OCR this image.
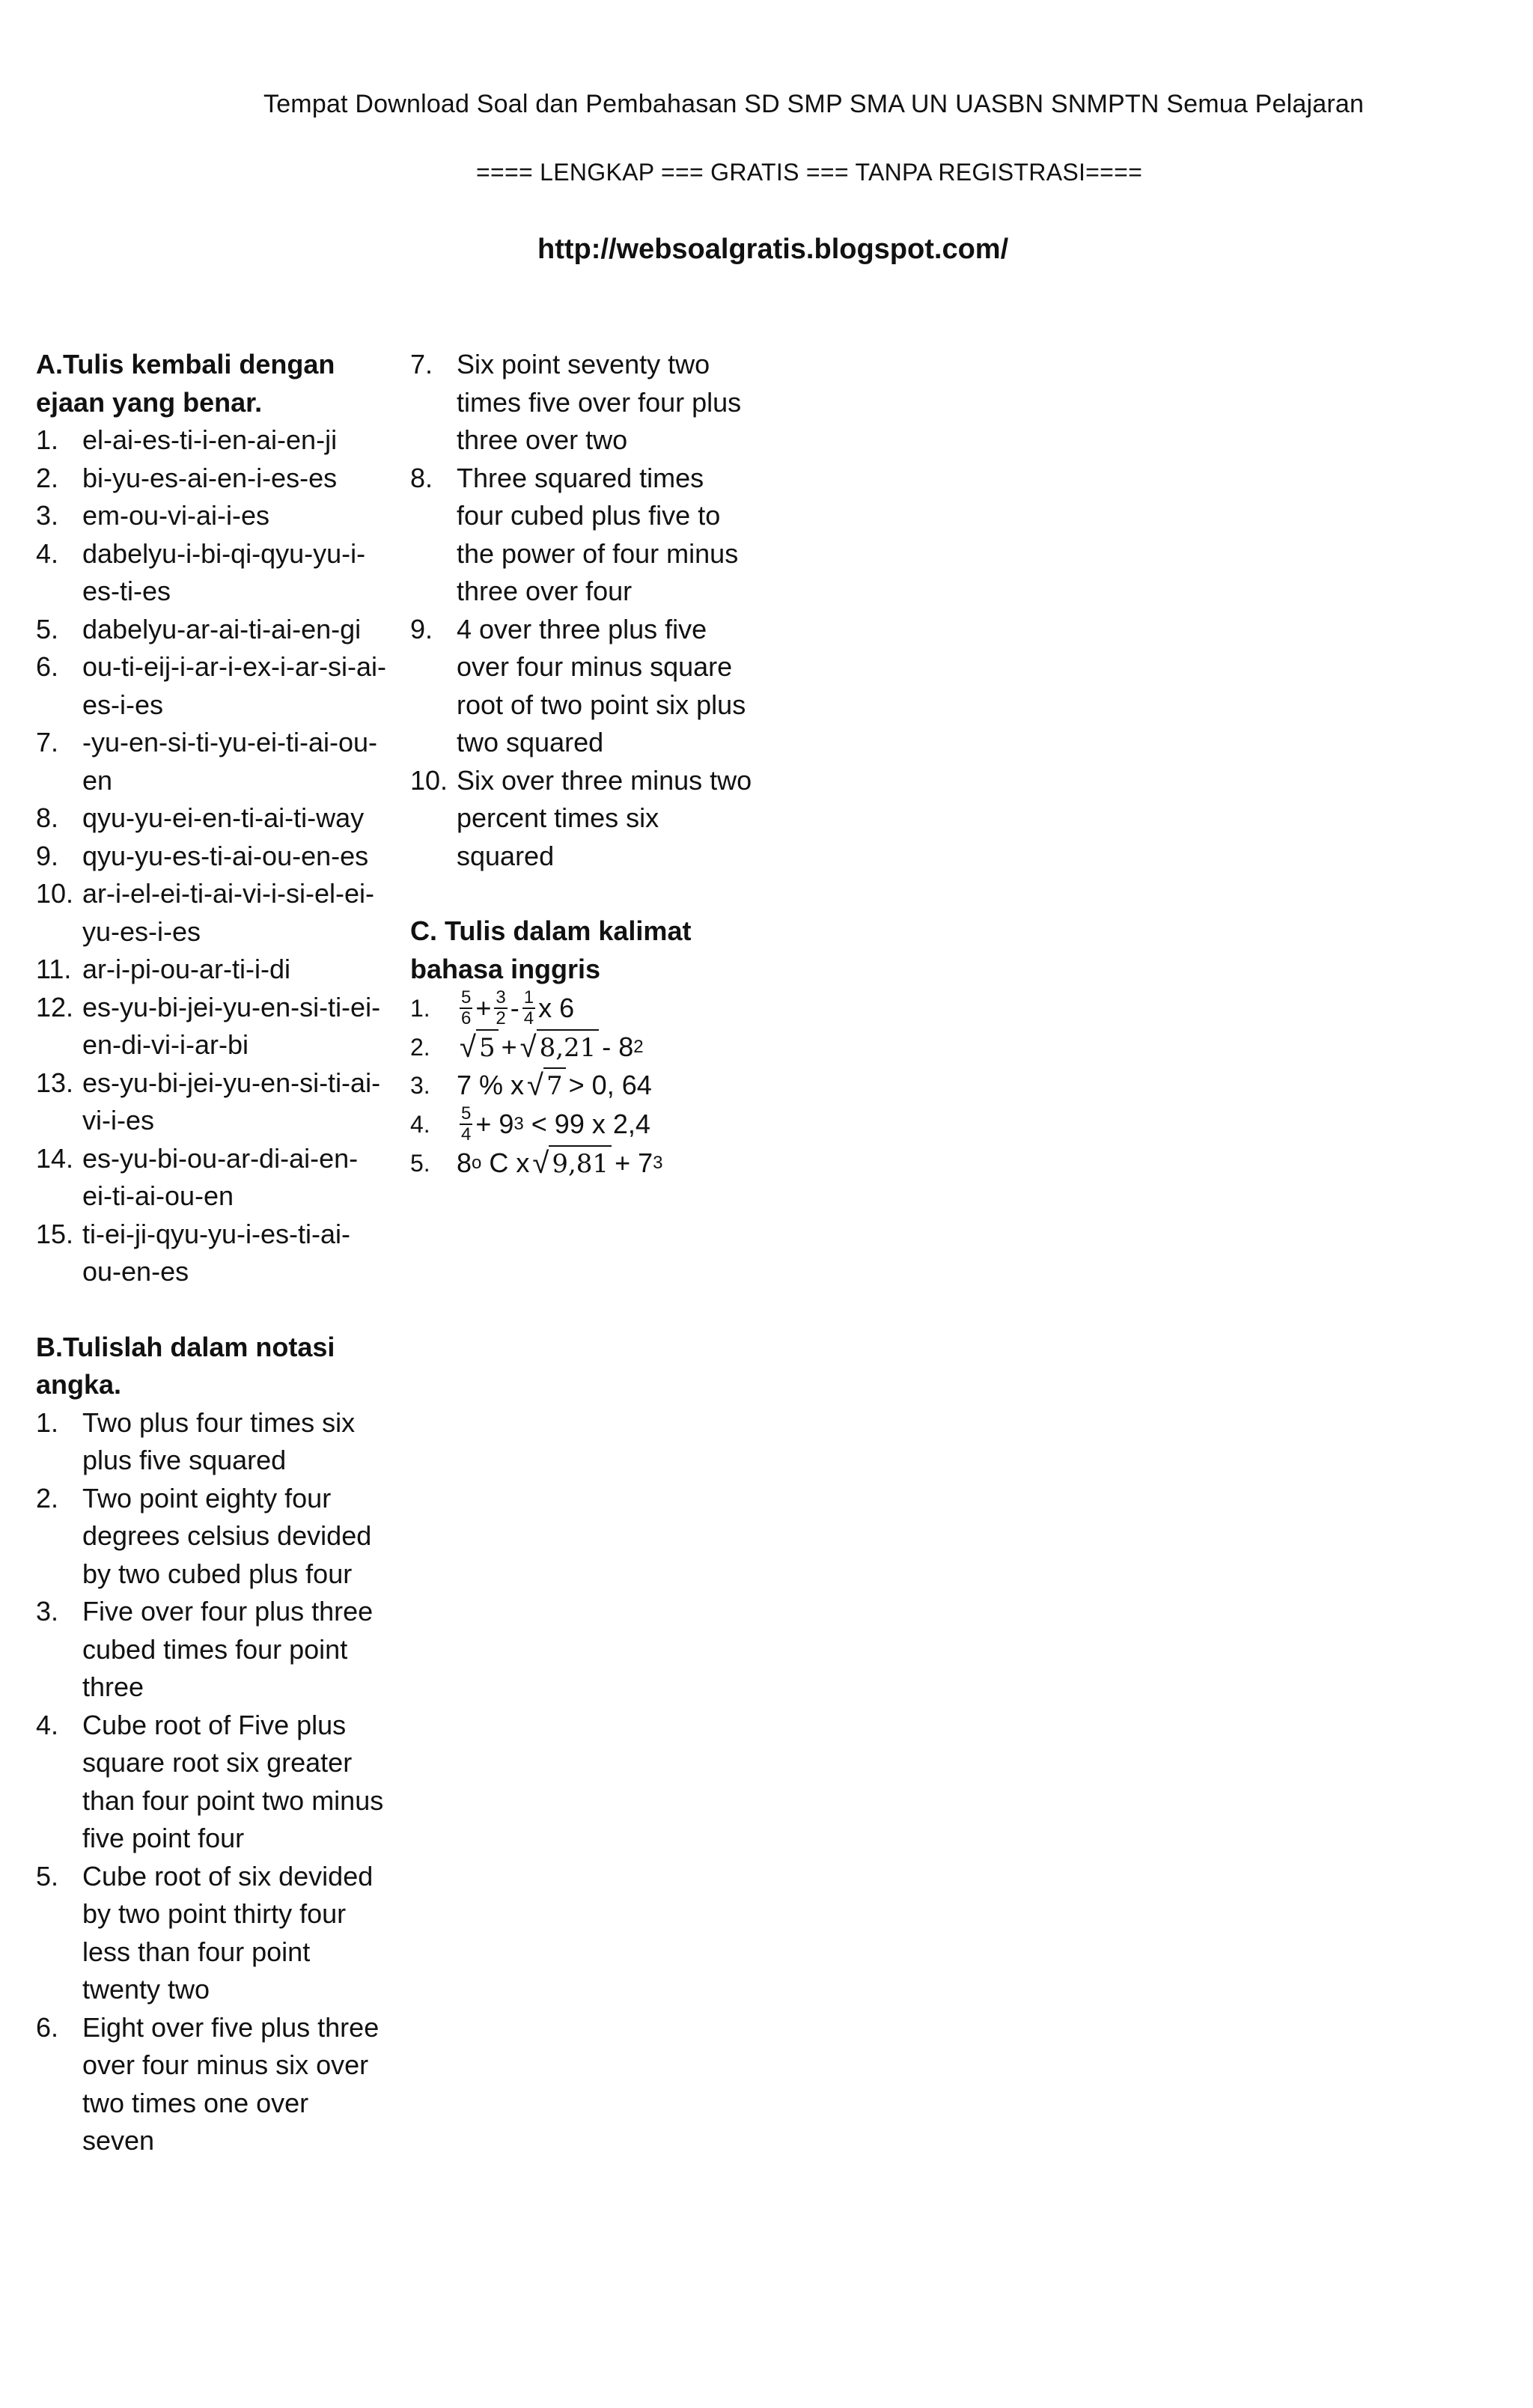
Tempat Download Soal dan Pembahasan SD SMP SMA UN UASBN SNMPTN Semua Pelajaran
==== LENGKAP === GRATIS === TANPA REGISTRASI====
http://websoalgratis.blogspot.com/
A.Tulis kembali dengan
ejaan yang benar.
1. el-ai-es-ti-i-en-ai-en-ji
2. bi-yu-es-ai-en-i-es-es
3. em-ou-vi-ai-i-es
4. dabelyu-i-bi-qi-qyu-yu-i-es-ti-es
5. dabelyu-ar-ai-ti-ai-en-gi
6. ou-ti-eij-i-ar-i-ex-i-ar-si-ai-es-i-es
7. -yu-en-si-ti-yu-ei-ti-ai-ou-en
8. qyu-yu-ei-en-ti-ai-ti-way
9. qyu-yu-es-ti-ai-ou-en-es
10. ar-i-el-ei-ti-ai-vi-i-si-el-ei-yu-es-i-es
11. ar-i-pi-ou-ar-ti-i-di
12. es-yu-bi-jei-yu-en-si-ti-ei-en-di-vi-i-ar-bi
13. es-yu-bi-jei-yu-en-si-ti-ai-vi-i-es
14. es-yu-bi-ou-ar-di-ai-en-ei-ti-ai-ou-en
15. ti-ei-ji-qyu-yu-i-es-ti-ai-ou-en-es
B.Tulislah dalam notasi
angka.
1. Two plus four times six plus five squared
2. Two point eighty four degrees celsius devided by two cubed plus four
3. Five over four plus three cubed times four point three
4. Cube root of Five plus square root six greater than four point two minus five point four
5. Cube root of six devided by two point thirty four less than four point twenty two
6. Eight over five plus three over four minus six over two times one over seven
7. Six point seventy two times five over four plus three over two
8. Three squared times four cubed plus five to the power of four minus three over four
9. 4 over three plus five over four minus square root of two point six plus two squared
10. Six over three minus two percent times six squared
C. Tulis dalam kalimat
bahasa inggris
1.	$\frac{5}{6} + \frac{3}{2} - \frac{1}{4}$ x 6
2. √ 5 + √ 8,21 - 8 2
3. 7 % x √ 7 > 0, 64
4.	$\frac{5}{4} + 9$ 3
< 99 x 2,4
5. 8 o
C x √ 9,81 + 7 3
